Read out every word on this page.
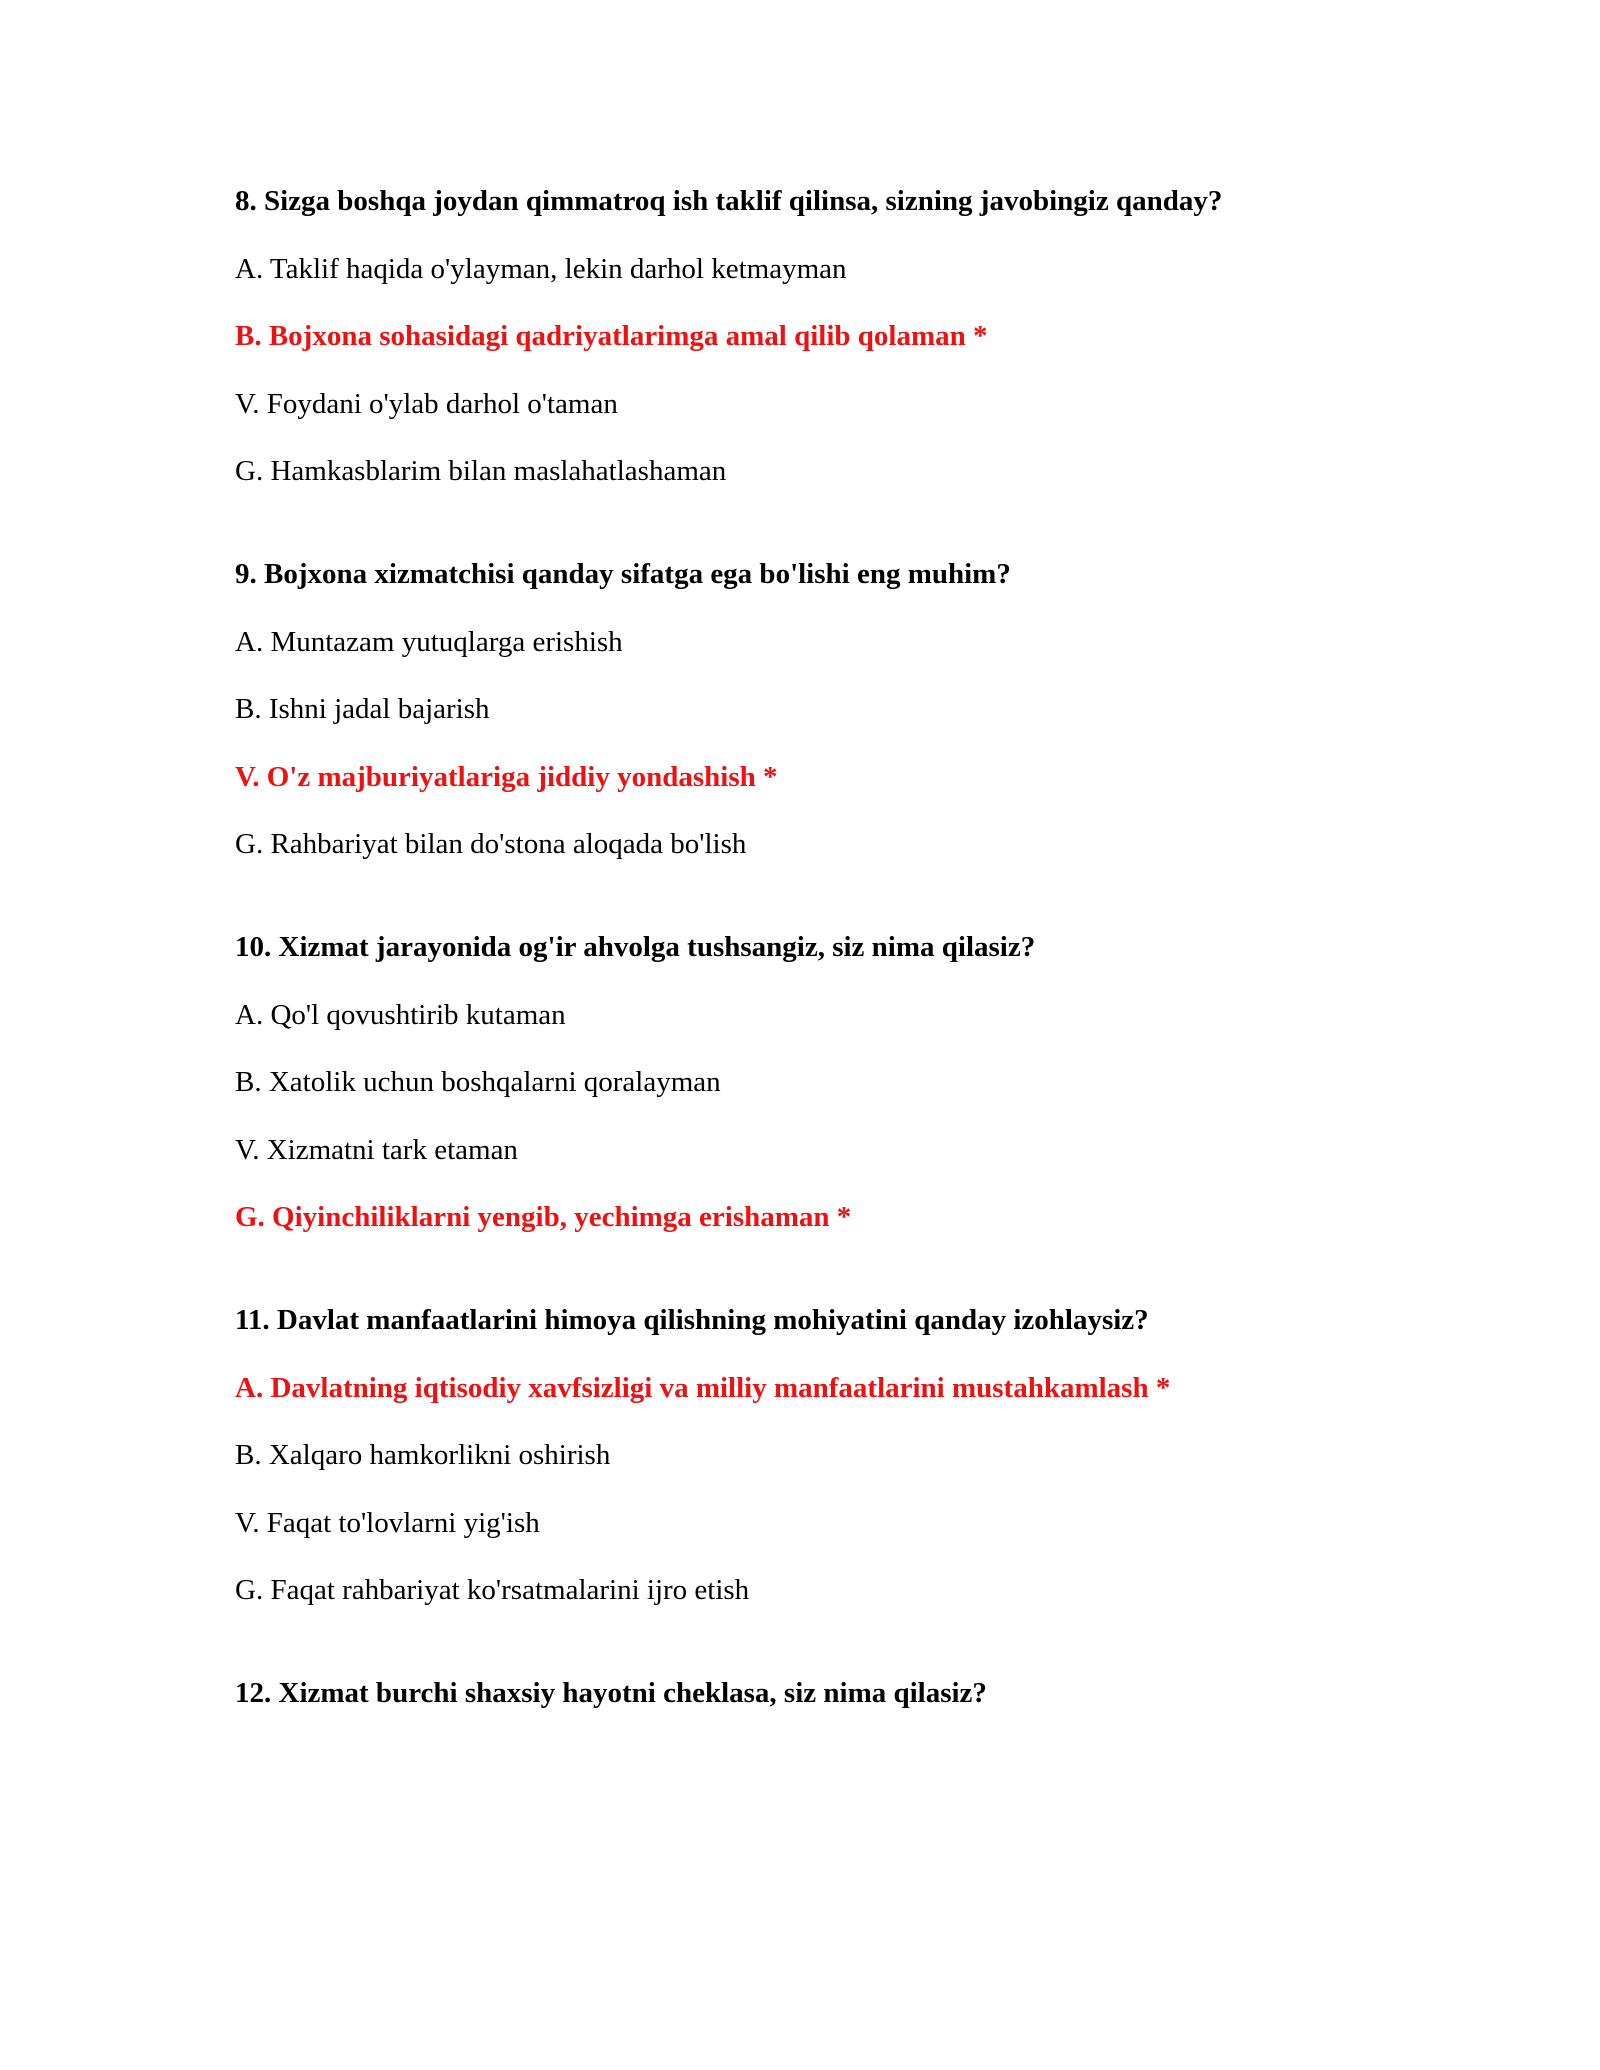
8. Sizga boshqa joydan qimmatroq ish taklif qilinsa, sizning javobingiz qanday?
A. Taklif haqida o'ylayman, lekin darhol ketmayman
B. Bojxona sohasidagi qadriyatlarimga amal qilib qolaman *
V. Foydani o'ylab darhol o'taman
G. Hamkasblarim bilan maslahatlashaman
9. Bojxona xizmatchisi qanday sifatga ega bo'lishi eng muhim?
A. Muntazam yutuqlarga erishish
B. Ishni jadal bajarish
V. O'z majburiyatlariga jiddiy yondashish *
G. Rahbariyat bilan do'stona aloqada bo'lish
10. Xizmat jarayonida og'ir ahvolga tushsangiz, siz nima qilasiz?
A. Qo'l qovushtirib kutaman
B. Xatolik uchun boshqalarni qoralayman
V. Xizmatni tark etaman
G. Qiyinchiliklarni yengib, yechimga erishaman *
11. Davlat manfaatlarini himoya qilishning mohiyatini qanday izohlaysiz?
A. Davlatning iqtisodiy xavfsizligi va milliy manfaatlarini mustahkamlash *
B. Xalqaro hamkorlikni oshirish
V. Faqat to'lovlarni yig'ish
G. Faqat rahbariyat ko'rsatmalarini ijro etish
12. Xizmat burchi shaxsiy hayotni cheklasa, siz nima qilasiz?
